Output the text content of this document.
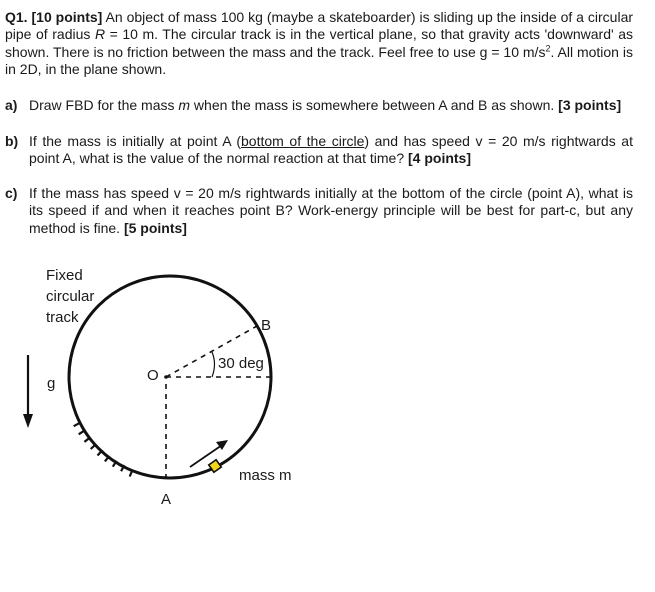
Q1. [10 points] An object of mass 100 kg (maybe a skateboarder) is sliding up the inside of a circular pipe of radius R = 10 m. The circular track is in the vertical plane, so that gravity acts 'downward' as shown. There is no friction between the mass and the track. Feel free to use g = 10 $m/s^2$. All motion is in 2D, in the plane shown.
a) Draw FBD for the mass m when the mass is somewhere between A and B as shown. [3 points]
b) If the mass is initially at point A (bottom of the circle) and has speed v = 20 m/s rightwards at point A, what is the value of the normal reaction at that time? [4 points]
c) If the mass has speed v = 20 m/s rightwards initially at the bottom of the circle (point A), what is its speed if and when it reaches point B? Work-energy principle will be best for part-c, but any method is fine. [5 points]
Fixed
circular
track
g	O
A
B
30 deg
mass m
